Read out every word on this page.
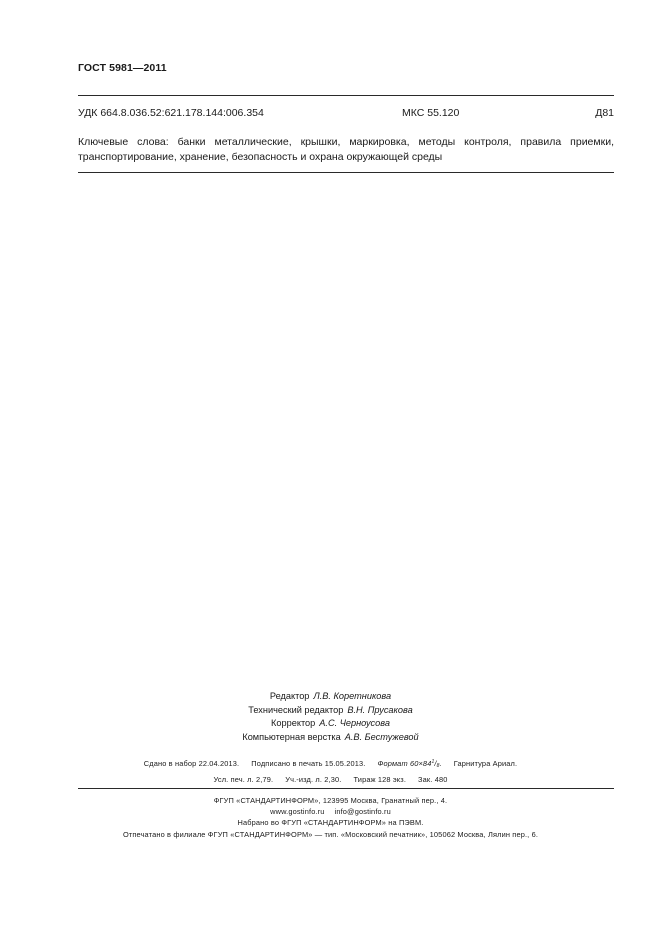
ГОСТ 5981—2011
УДК 664.8.036.52:621.178.144:006.354	МКС 55.120	Д81
Ключевые слова: банки металлические, крышки, маркировка, методы контроля, правила приемки, транспортирование, хранение, безопасность и охрана окружающей среды
Редактор Л.В. Коретникова
Технический редактор В.Н. Прусакова
Корректор А.С. Черноусова
Компьютерная верстка А.В. Бестужевой
Сдано в набор 22.04.2013. Подписано в печать 15.05.2013. Формат $60\times 84^1/_8$. Гарнитура Ариал.
Усл. печ. л. 2,79. Уч.-изд. л. 2,30. Тираж 128 экз. Зак. 480
ФГУП «СТАНДАРТИНФОРМ», 123995 Москва, Гранатный пер., 4.
www.gostinfo.ru info@gostinfo.ru
Набрано во ФГУП «СТАНДАРТИНФОРМ» на ПЭВМ.
Отпечатано в филиале ФГУП «СТАНДАРТИНФОРМ» — тип. «Московский печатник», 105062 Москва, Лялин пер., 6.
